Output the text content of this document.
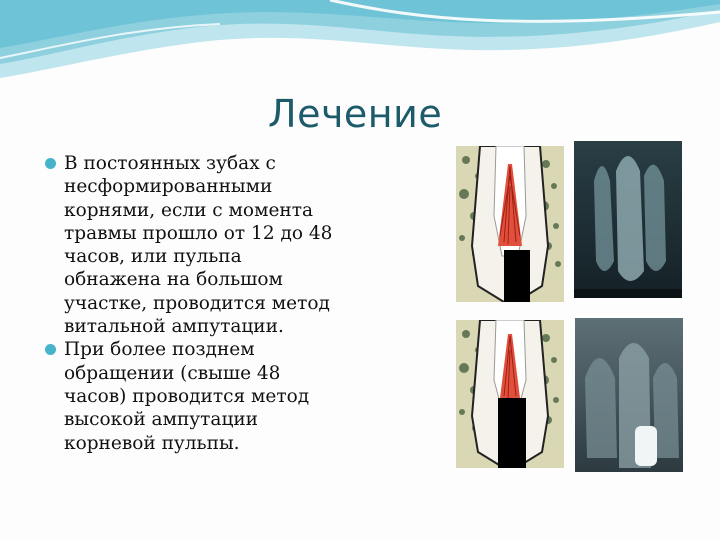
Лечение
В постоянных зубах с несформированными корнями, если с момента травмы прошло от 12 до 48 часов, или пульпа обнажена на большом участке, проводится метод витальной ампутации.
При более позднем обращении (свыше 48 часов) проводится метод высокой ампутации корневой пульпы.
